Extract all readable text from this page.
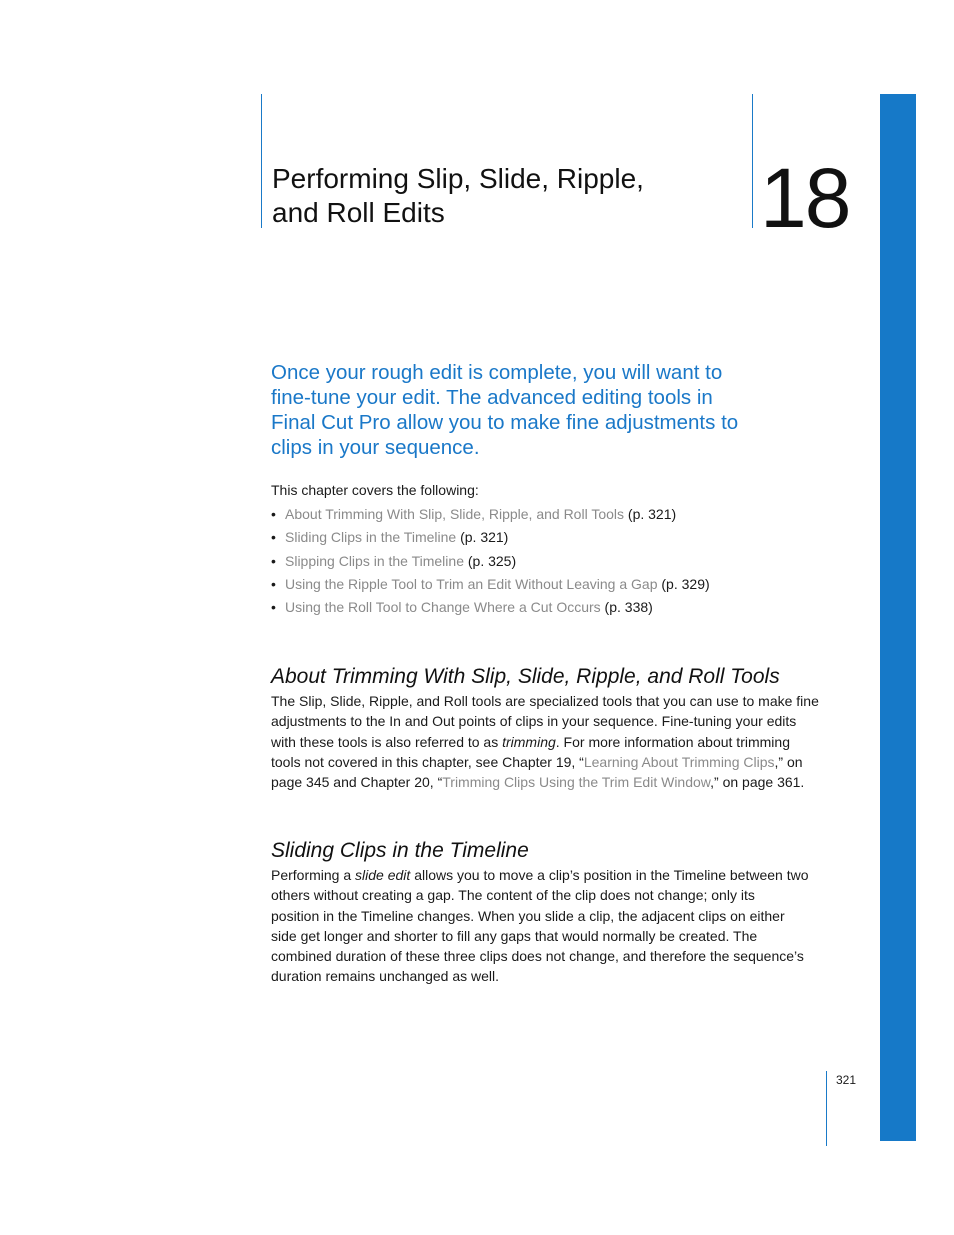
Performing Slip, Slide, Ripple,
and Roll Edits	18

Once your rough edit is complete, you will want to
fine-tune your edit. The advanced editing tools in
Final Cut Pro allow you to make fine adjustments to
clips in your sequence.

This chapter covers the following:

• About Trimming With Slip, Slide, Ripple, and Roll Tools (p. 321)
• Sliding Clips in the Timeline (p. 321)
• Slipping Clips in the Timeline (p. 325)
• Using the Ripple Tool to Trim an Edit Without Leaving a Gap (p. 329)
• Using the Roll Tool to Change Where a Cut Occurs (p. 338)
About Trimming With Slip, Slide, Ripple, and Roll Tools

The Slip, Slide, Ripple, and Roll tools are specialized tools that you can use to make fine
adjustments to the In and Out points of clips in your sequence. Fine-tuning your edits
with these tools is also referred to as trimming. For more information about trimming
tools not covered in this chapter, see Chapter 19, “Learning About Trimming Clips,” on
page 345 and Chapter 20, “Trimming Clips Using the Trim Edit Window,” on page 361.

Sliding Clips in the Timeline

Performing a slide edit allows you to move a clip’s position in the Timeline between two
others without creating a gap. The content of the clip does not change; only its
position in the Timeline changes. When you slide a clip, the adjacent clips on either
side get longer and shorter to fill any gaps that would normally be created. The
combined duration of these three clips does not change, and therefore the sequence’s
duration remains unchanged as well.

321
